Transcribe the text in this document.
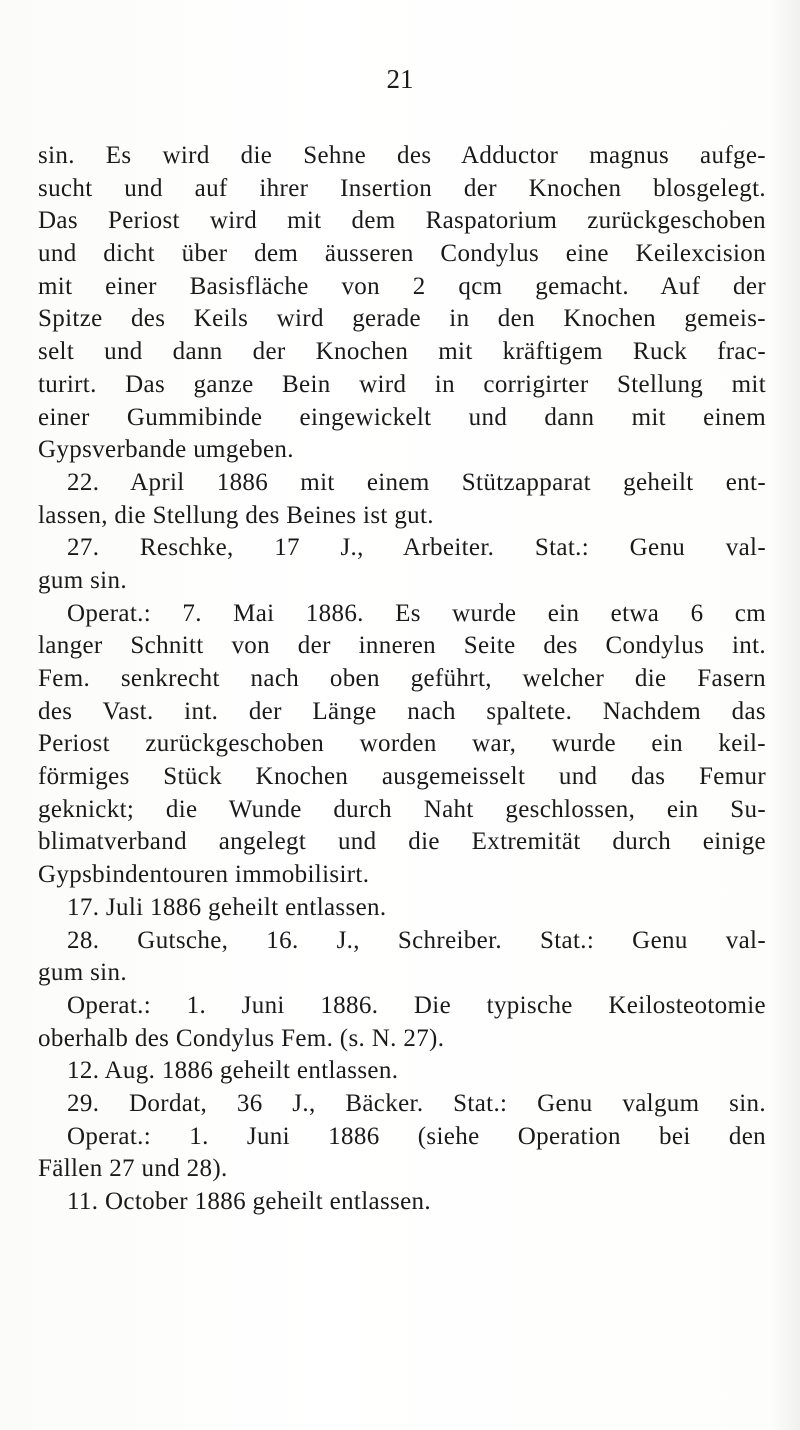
21

sin. Es wird die Sehne des Adductor magnus aufge-
sucht und auf ihrer Insertion der Knochen blosgelegt.
Das Periost wird mit dem Raspatorium zurückgeschoben
und dicht über dem äusseren Condylus eine Keilexcision
mit einer Basisfläche von 2 qcm gemacht. Auf der
Spitze des Keils wird gerade in den Knochen gemeis-
selt und dann der Knochen mit kräftigem Ruck frac-
turirt. Das ganze Bein wird in corrigirter Stellung mit
einer Gummibinde eingewickelt und dann mit einem
Gypsverbande umgeben.
22. April 1886 mit einem Stützapparat geheilt ent-
lassen, die Stellung des Beines ist gut.
27. Reschke, 17 J., Arbeiter. Stat.: Genu val-
gum sin.
Operat.: 7. Mai 1886. Es wurde ein etwa 6 cm
langer Schnitt von der inneren Seite des Condylus int.
Fem. senkrecht nach oben geführt, welcher die Fasern
des Vast. int. der Länge nach spaltete. Nachdem das
Periost zurückgeschoben worden war, wurde ein keil-
förmiges Stück Knochen ausgemeisselt und das Femur
geknickt; die Wunde durch Naht geschlossen, ein Su-
blimatverband angelegt und die Extremität durch einige
Gypsbindentouren immobilisirt.
17. Juli 1886 geheilt entlassen.
28. Gutsche, 16. J., Schreiber. Stat.: Genu val-
gum sin.
Operat.: 1. Juni 1886. Die typische Keilosteotomie
oberhalb des Condylus Fem. (s. N. 27).
12. Aug. 1886 geheilt entlassen.
29. Dordat, 36 J., Bäcker. Stat.: Genu valgum sin.
Operat.: 1. Juni 1886 (siehe Operation bei den
Fällen 27 und 28).
11. October 1886 geheilt entlassen.
